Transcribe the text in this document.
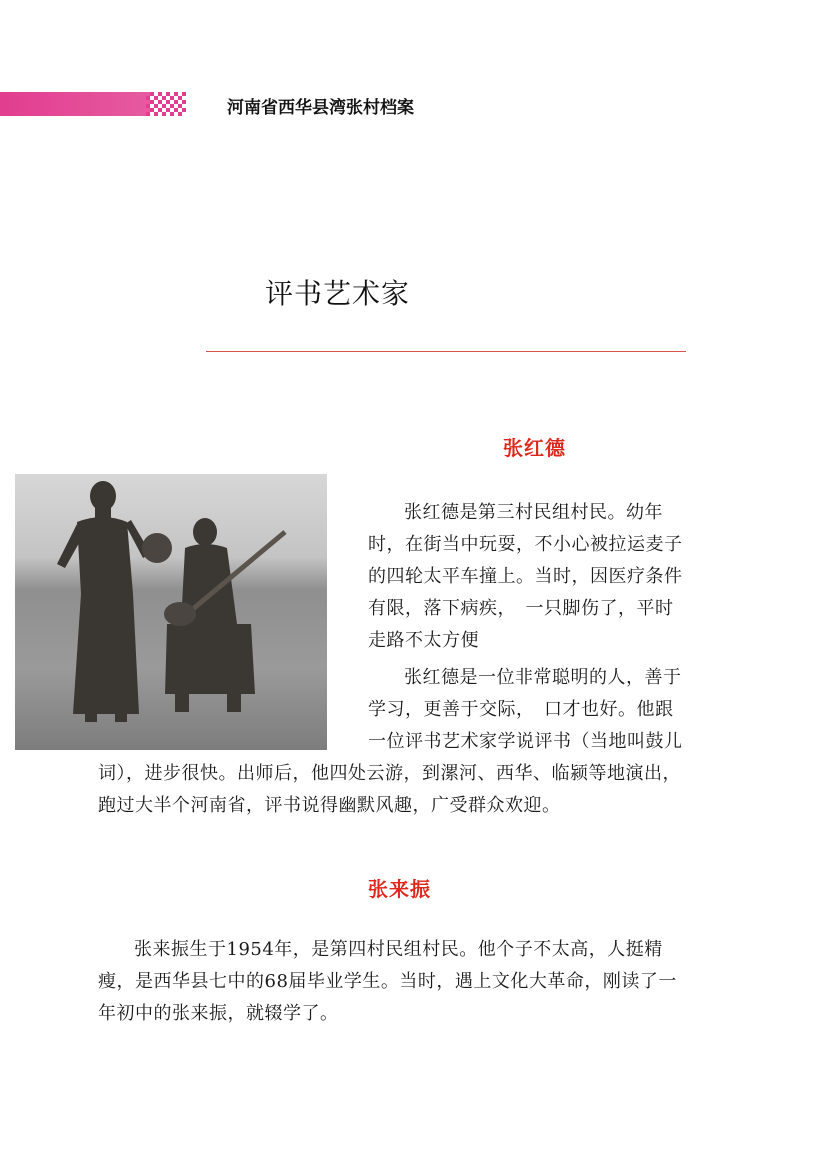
河南省西华县湾张村档案
评书艺术家
张红德

张红德是第三村民组村民。幼年时，在街当中玩耍，不小心被拉运麦子的四轮太平车撞上。当时，因医疗条件有限，落下病疾，　一只脚伤了，平时走路不太方便

张红德是一位非常聪明的人，善于学习，更善于交际，　口才也好。他跟一位评书艺术家学说评书（当地叫鼓儿

词），进步很快。出师后，他四处云游，到漯河、西华、临颍等地演出，跑过大半个河南省，评书说得幽默风趣，广受群众欢迎。

张来振

张来振生于1954年，是第四村民组村民。他个子不太高，人挺精瘦，是西华县七中的68届毕业学生。当时，遇上文化大革命，刚读了一年初中的张来振，就辍学了。
